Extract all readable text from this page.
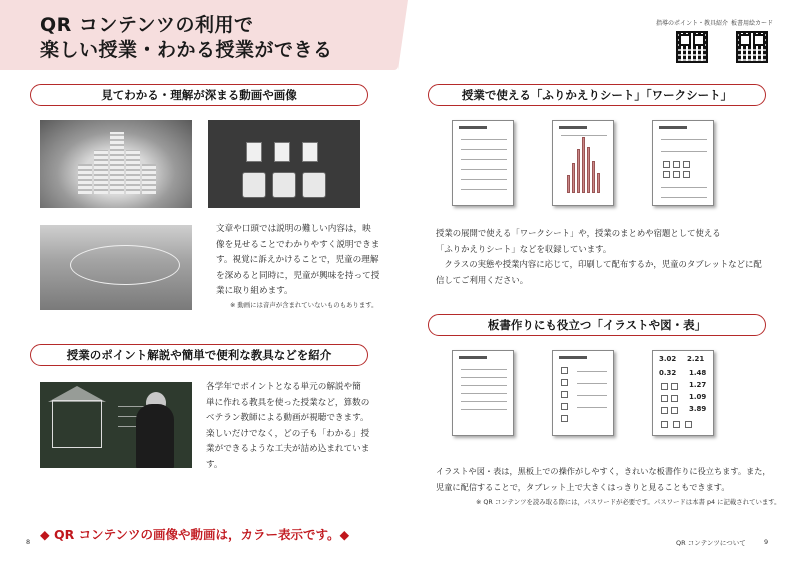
QR コンテンツの利用で
楽しい授業・わかる授業ができる
指導のポイント・教具紹介 板書用絵カード
見てわかる・理解が深まる動画や画像
文章や口頭では説明の難しい内容は，映
像を見せることでわかりやすく説明できま
す。視覚に訴えかけることで，児童の理解
を深めると同時に，児童が興味を持って授
業に取り組めます。
※ 動画には音声が含まれていないものもあります。
授業のポイント解説や簡単で便利な教具などを紹介
各学年でポイントとなる単元の解説や簡
単に作れる教具を使った授業など，算数の
ベテラン教師による動画が視聴できます。
楽しいだけでなく，どの子も「わかる」授
業ができるような工夫が詰め込まれていま
す。
授業で使える「ふりかえりシート」「ワークシート」
授業の展開で使える「ワークシート」や，授業のまとめや宿題として使える
「ふりかえりシート」などを収録しています。
　クラスの実態や授業内容に応じて，印刷して配布するか，児童のタブレットなどに配
信してご利用ください。
板書作りにも役立つ「イラストや図・表」
3.02 2.21
0.32 1.48
1.27
1.09
3.89
イラストや図・表は，黒板上での操作がしやすく，きれいな板書作りに役立ちます。また，
児童に配信することで，タブレット上で大きくはっきりと見ることもできます。
※ QR コンテンツを読み取る際には，パスワードが必要です。パスワードは本書 p4 に記載されています。
◆ QR コンテンツの画像や動画は，カラー表示です。◆
8	QR コンテンツについて	9
